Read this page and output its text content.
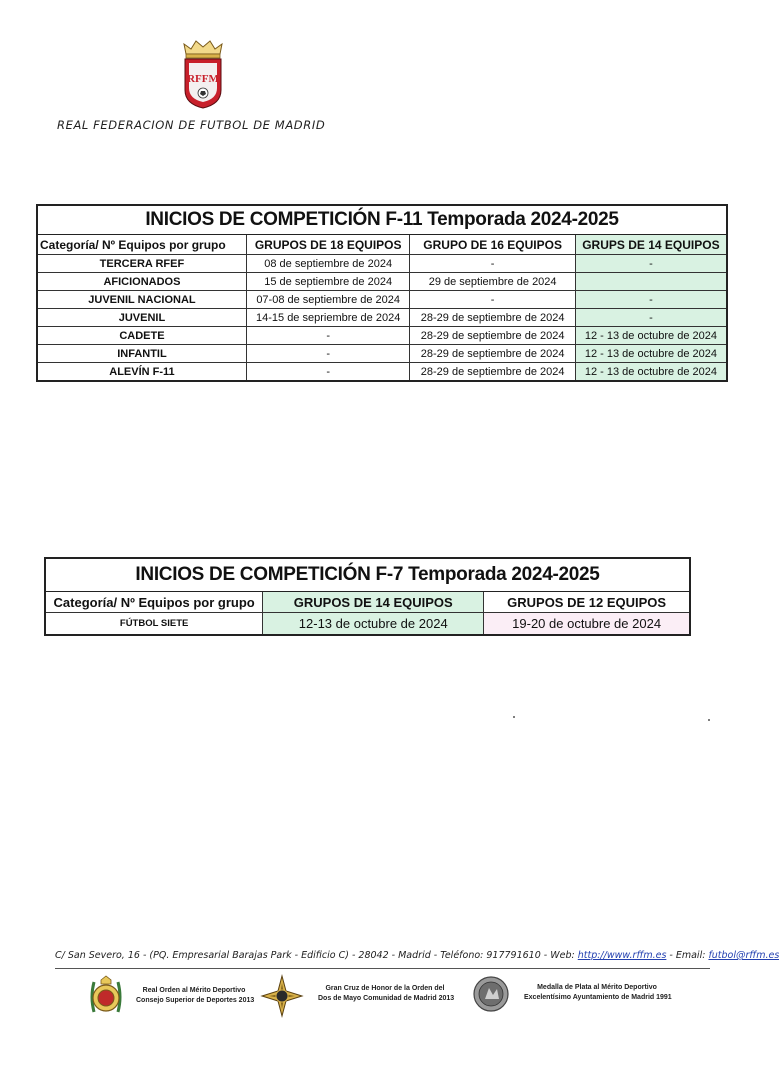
RFFM
REAL FEDERACION DE FUTBOL DE MADRID
INICIOS DE COMPETICIÓN F-11 Temporada 2024-2025			
Categoría/ Nº Equipos por grupo	GRUPOS DE 18 EQUIPOS	GRUPO DE 16 EQUIPOS	GRUPS DE 14 EQUIPOS
TERCERA RFEF	08 de septiembre de 2024	-	-
AFICIONADOS	15 de septiembre de 2024	29 de septiembre de 2024	
JUVENIL NACIONAL	07-08 de septiembre de 2024	-	-
JUVENIL	14-15 de sepriembre de 2024	28-29 de septiembre de 2024	-
CADETE	-	28-29 de septiembre de 2024	12 - 13 de octubre de 2024
INFANTIL	-	28-29 de septiembre de 2024	12 - 13 de octubre de 2024
ALEVÍN F-11	-	28-29 de septiembre de 2024	12 - 13 de octubre de 2024
INICIOS DE COMPETICIÓN F-7 Temporada 2024-2025		
Categoría/ Nº Equipos por grupo	GRUPOS DE 14 EQUIPOS	GRUPOS DE 12 EQUIPOS
FÚTBOL SIETE	12-13 de octubre de 2024	19-20 de octubre de 2024
C/ San Severo, 16 - (PQ. Empresarial Barajas Park - Edificio C) - 28042 - Madrid - Teléfono: 917791610 - Web: http://www.rffm.es - Email: futbol@rffm.es
Real Orden al Mérito Deportivo
Consejo Superior de Deportes 2013
Gran Cruz de Honor de la Orden del
Dos de Mayo Comunidad de Madrid 2013
Medalla de Plata al Mérito Deportivo
Excelentísimo Ayuntamiento de Madrid 1991
